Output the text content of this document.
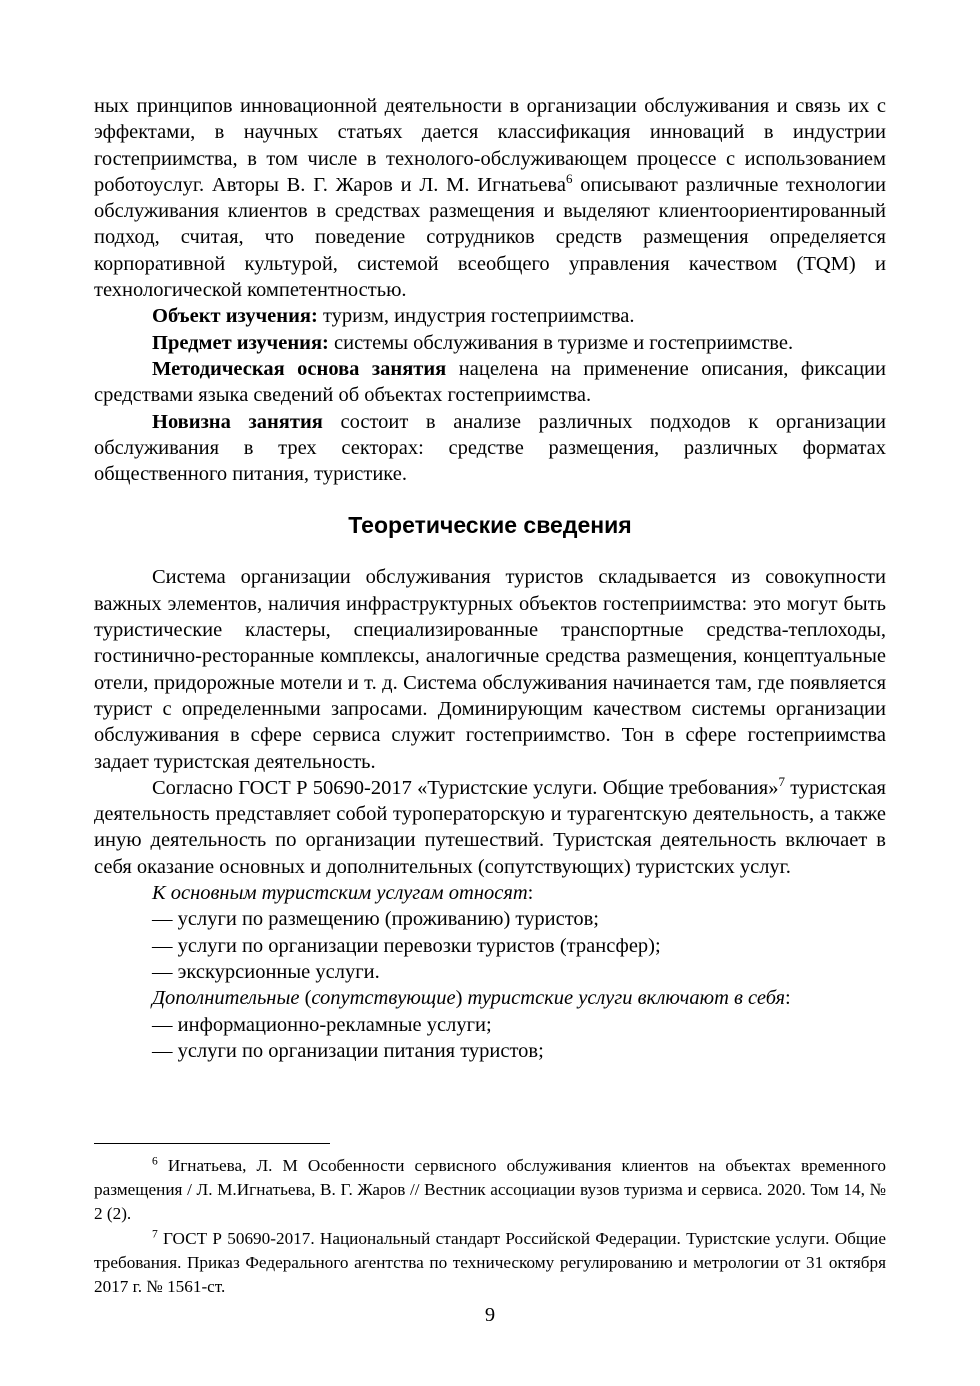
ных принципов инновационной деятельности в организации обслуживания и связь их с эффектами, в научных статьях дается классификация инноваций в индустрии гостеприимства, в том числе в технолого-обслуживающем процессе с использованием роботоуслуг. Авторы В. Г. Жаров и Л. М. Игнатьева$^6$ описывают различные технологии обслуживания клиентов в средствах размещения и выделяют клиентоориентированный подход, считая, что поведение сотрудников средств размещения определяется корпоративной культурой, системой всеобщего управления качеством (TQM) и технологической компетентностью.

Объект изучения: туризм, индустрия гостеприимства.

Предмет изучения: системы обслуживания в туризме и гостеприимстве.

Методическая основа занятия нацелена на применение описания, фиксации средствами языка сведений об объектах гостеприимства.

Новизна занятия состоит в анализе различных подходов к организации обслуживания в трех секторах: средстве размещения, различных форматах общественного питания, туристике.

Теоретические сведения

Система организации обслуживания туристов складывается из совокупности важных элементов, наличия инфраструктурных объектов гостеприимства: это могут быть туристические кластеры, специализированные транспортные средства-теплоходы, гостинично-ресторанные комплексы, аналогичные средства размещения, концептуальные отели, придорожные мотели и т. д. Система обслуживания начинается там, где появляется турист с определенными запросами. Доминирующим качеством системы организации обслуживания в сфере сервиса служит гостеприимство. Тон в сфере гостеприимства задает туристская деятельность.

Согласно ГОСТ Р 50690-2017 «Туристские услуги. Общие требования»$^7$ туристская деятельность представляет собой туроператорскую и турагентскую деятельность, а также иную деятельность по организации путешествий. Туристская деятельность включает в себя оказание основных и дополнительных (сопутствующих) туристских услуг.

К основным туристским услугам относят:

— услуги по размещению (проживанию) туристов;

— услуги по организации перевозки туристов (трансфер);

— экскурсионные услуги.

Дополнительные (сопутствующие) туристские услуги включают в себя:

— информационно-рекламные услуги;

— услуги по организации питания туристов;

$^6$ Игнатьева, Л. М Особенности сервисного обслуживания клиентов на объектах временного размещения / Л. М.Игнатьева, В. Г. Жаров // Вестник ассоциации вузов туризма и сервиса. 2020. Том 14, № 2 (2).

$^7$ ГОСТ Р 50690-2017. Национальный стандарт Российской Федерации. Туристские услуги. Общие требования. Приказ Федерального агентства по техническому регулированию и метрологии от 31 октября 2017 г. № 1561-ст.

9
